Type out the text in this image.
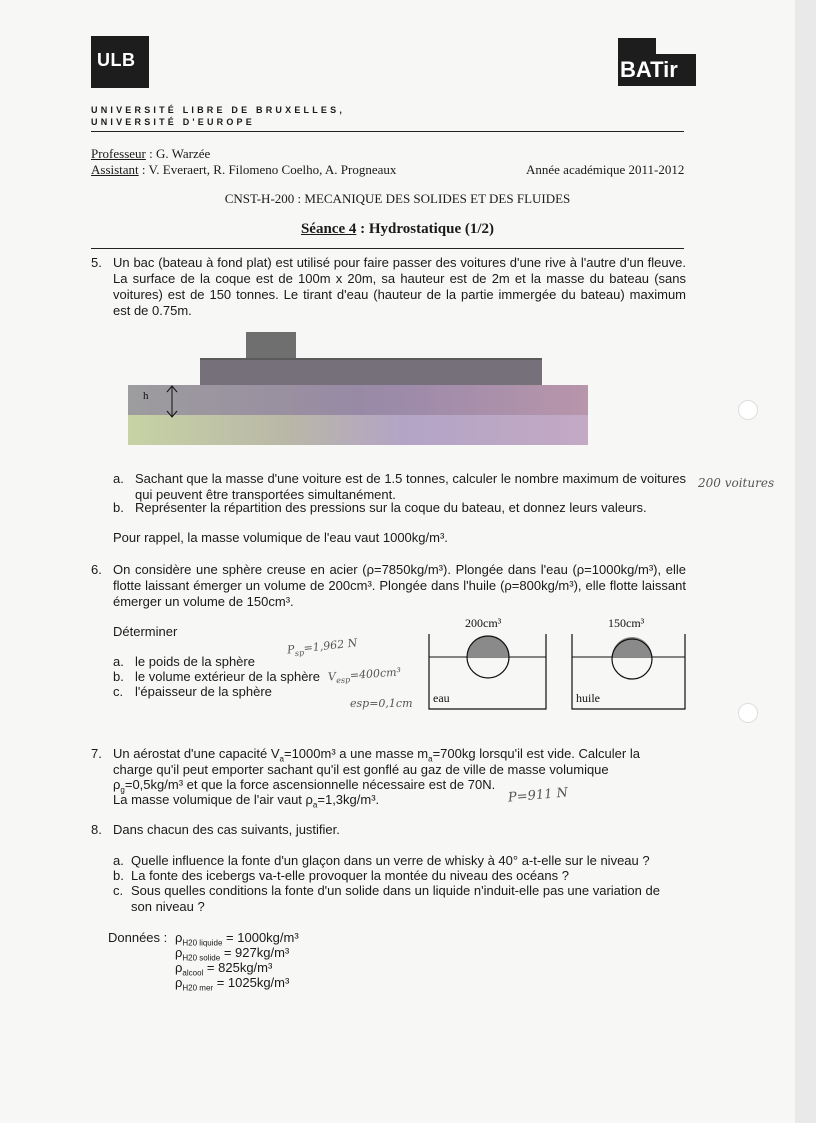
ULB	BATir
UNIVERSITÉ LIBRE DE BRUXELLES,
UNIVERSITÉ D'EUROPE
Professeur : G. Warzée
Assistant : V. Everaert, R. Filomeno Coelho, A. Progneaux	Année académique 2011-2012
CNST-H-200 : MECANIQUE DES SOLIDES ET DES FLUIDES
Séance 4 : Hydrostatique (1/2)
5. Un bac (bateau à fond plat) est utilisé pour faire passer des voitures d'une rive à l'autre d'un fleuve. La surface de la coque est de 100m x 20m, sa hauteur est de 2m et la masse du bateau (sans voitures) est de 150 tonnes. Le tirant d'eau (hauteur de la partie immergée du bateau) maximum est de 0.75m.
h
a. Sachant que la masse d'une voiture est de 1.5 tonnes, calculer le nombre maximum de voitures qui peuvent être transportées simultanément.
b. Représenter la répartition des pressions sur la coque du bateau, et donnez leurs valeurs.
Pour rappel, la masse volumique de l'eau vaut 1000kg/m³.
6. On considère une sphère creuse en acier (ρ=7850kg/m³). Plongée dans l'eau (ρ=1000kg/m³), elle flotte laissant émerger un volume de 200cm³. Plongée dans l'huile (ρ=800kg/m³), elle flotte laissant émerger un volume de 150cm³.
Déterminer
a. le poids de la sphère
b. le volume extérieur de la sphère
c. l'épaisseur de la sphère
200cm³	150cm³
eau	huile
7. Un aérostat d'une capacité $V_a=1000m^3$ a une masse $m_a=700kg$ lorsqu'il est vide. Calculer la
charge qu'il peut emporter sachant qu'il est gonflé au gaz de ville de masse volumique
$\rho_g=0,5kg/m^3$ et que la force ascensionnelle nécessaire est de 70N.
La masse volumique de l'air vaut $\rho_a=1,3kg/m^3$.
8. Dans chacun des cas suivants, justifier.
a. Quelle influence la fonte d'un glaçon dans un verre de whisky à 40° a-t-elle sur le niveau ?
b. La fonte des icebergs va-t-elle provoquer la montée du niveau des océans ?
c. Sous quelles conditions la fonte d'un solide dans un liquide n'induit-elle pas une variation de son niveau ?
Données : $\rho_{H20 liquide} = 1000kg/m^3$
$\rho_{H20 solide} = 927kg/m^3$
$\rho_{alcool} = 825kg/m^3$
$\rho_{H20 mer} = 1025kg/m^3$
200 voitures
$P_{sp}=1,962$ N
$V_{esp}=400cm^3$
esp=0,1cm
P=911 N
